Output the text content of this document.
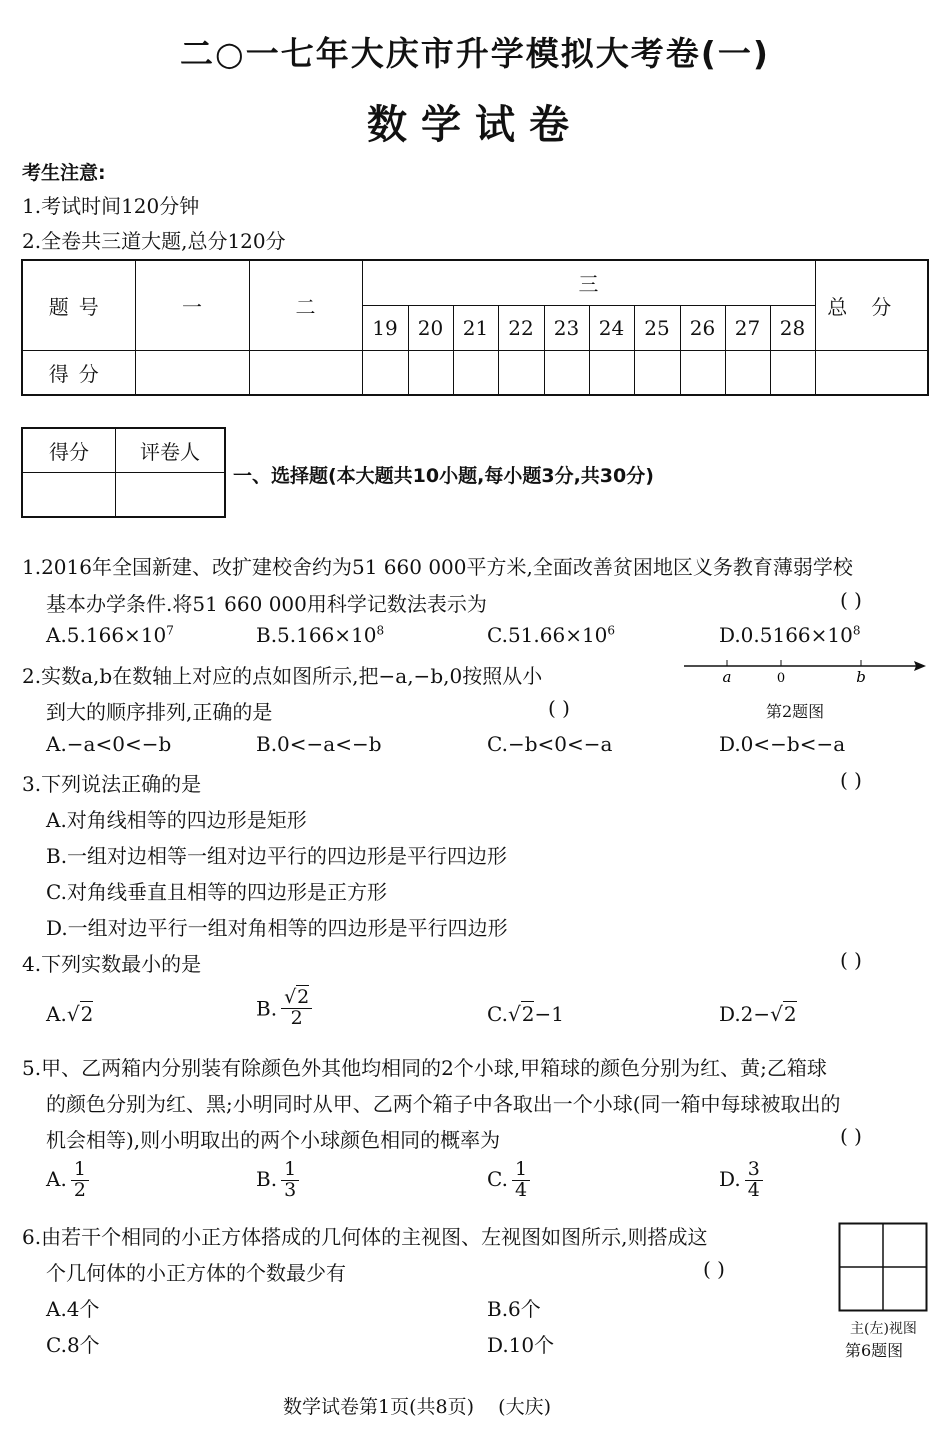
二○一七年大庆市升学模拟大考卷(一)
数学试卷
考生注意:
1.考试时间120分钟
2.全卷共三道大题,总分120分
题号	一	二	三										总分
			19	20	21	22	23	24	25	26	27	28	
得分													
得分	评卷人

一、选择题(本大题共10小题,每小题3分,共30分)
1.2016年全国新建、改扩建校舍约为51 660 000平方米,全面改善贫困地区义务教育薄弱学校
基本办学条件.将51 660 000用科学记数法表示为	( )
$A.5.166\times 10^7$	$B.5.166\times 10^8$	$C.51.66\times 10^6$	$D.0.5166\times 10^8$
2.实数a,b在数轴上对应的点如图所示,把−a,−b,0按照从小
到大的顺序排列,正确的是	( )
a	0	b
第2题图
A.−a<0<−b	B.0<−a<−b	C.−b<0<−a	D.0<−b<−a
3.下列说法正确的是	( )
A.对角线相等的四边形是矩形
B.一组对边相等一组对边平行的四边形是平行四边形
C.对角线垂直且相等的四边形是正方形
D.一组对边平行一组对角相等的四边形是平行四边形
4.下列实数最小的是	( )
A.√2	B. $\frac{√2}{2}$	C.√2−1	D.2−√2
5.甲、乙两箱内分别装有除颜色外其他均相同的2个小球,甲箱球的颜色分别为红、黄;乙箱球
的颜色分别为红、黑;小明同时从甲、乙两个箱子中各取出一个小球(同一箱中每球被取出的
机会相等),则小明取出的两个小球颜色相同的概率为	( )
A. $\frac{1}{2}$	B. $\frac{1}{3}$	C. $\frac{1}{4}$	D. $\frac{3}{4}$
6.由若干个相同的小正方体搭成的几何体的主视图、左视图如图所示,则搭成这
个几何体的小正方体的个数最少有	( )
A.4个	B.6个
C.8个	D.10个
主(左)视图
第6题图
数学试卷第1页(共8页)    (大庆)
